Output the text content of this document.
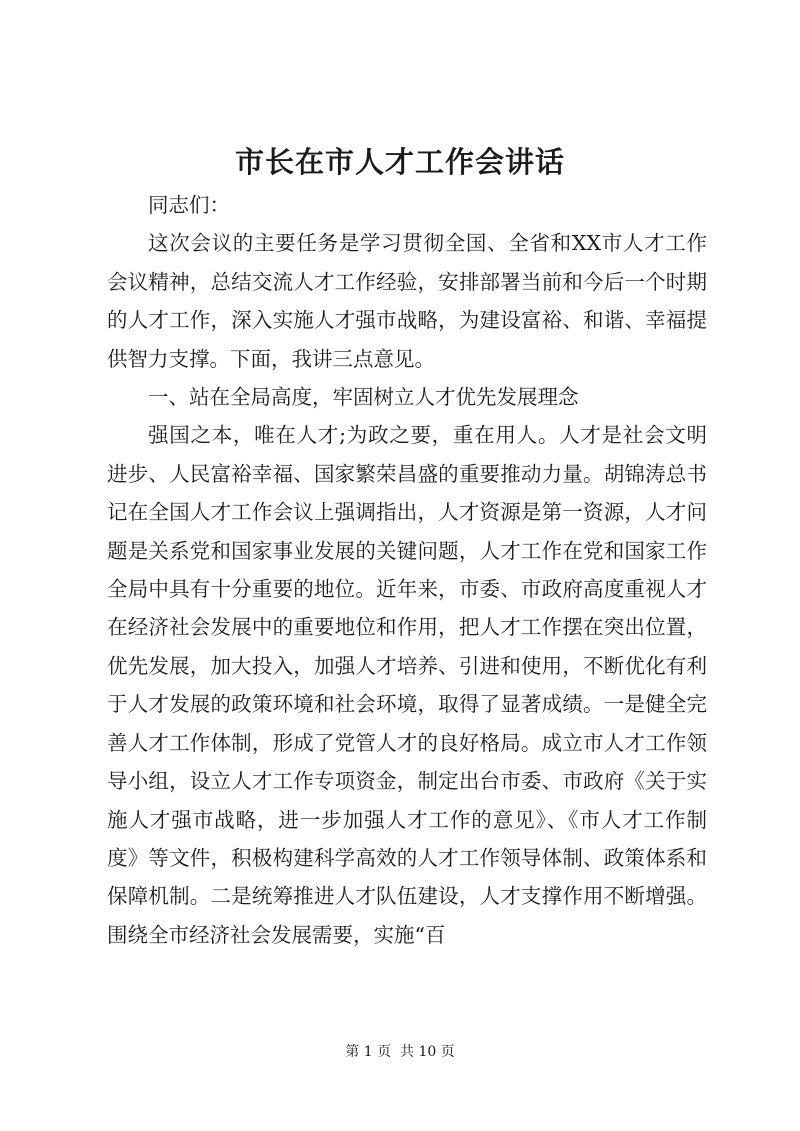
市长在市人才工作会讲话

同志们：

这次会议的主要任务是学习贯彻全国、全省和XX市人才工作会议精神，总结交流人才工作经验，安排部署当前和今后一个时期的人才工作，深入实施人才强市战略，为建设富裕、和谐、幸福提供智力支撑。下面，我讲三点意见。

一、站在全局高度，牢固树立人才优先发展理念

强国之本，唯在人才;为政之要，重在用人。人才是社会文明进步、人民富裕幸福、国家繁荣昌盛的重要推动力量。胡锦涛总书记在全国人才工作会议上强调指出，人才资源是第一资源，人才问题是关系党和国家事业发展的关键问题，人才工作在党和国家工作全局中具有十分重要的地位。近年来，市委、市政府高度重视人才在经济社会发展中的重要地位和作用，把人才工作摆在突出位置，优先发展，加大投入，加强人才培养、引进和使用，不断优化有利于人才发展的政策环境和社会环境，取得了显著成绩。一是健全完善人才工作体制，形成了党管人才的良好格局。成立市人才工作领导小组，设立人才工作专项资金，制定出台市委、市政府《关于实施人才强市战略，进一步加强人才工作的意见》、《市人才工作制度》等文件，积极构建科学高效的人才工作领导体制、政策体系和保障机制。二是统筹推进人才队伍建设，人才支撑作用不断增强。围绕全市经济社会发展需要，实施“百

第 1 页  共 10 页
